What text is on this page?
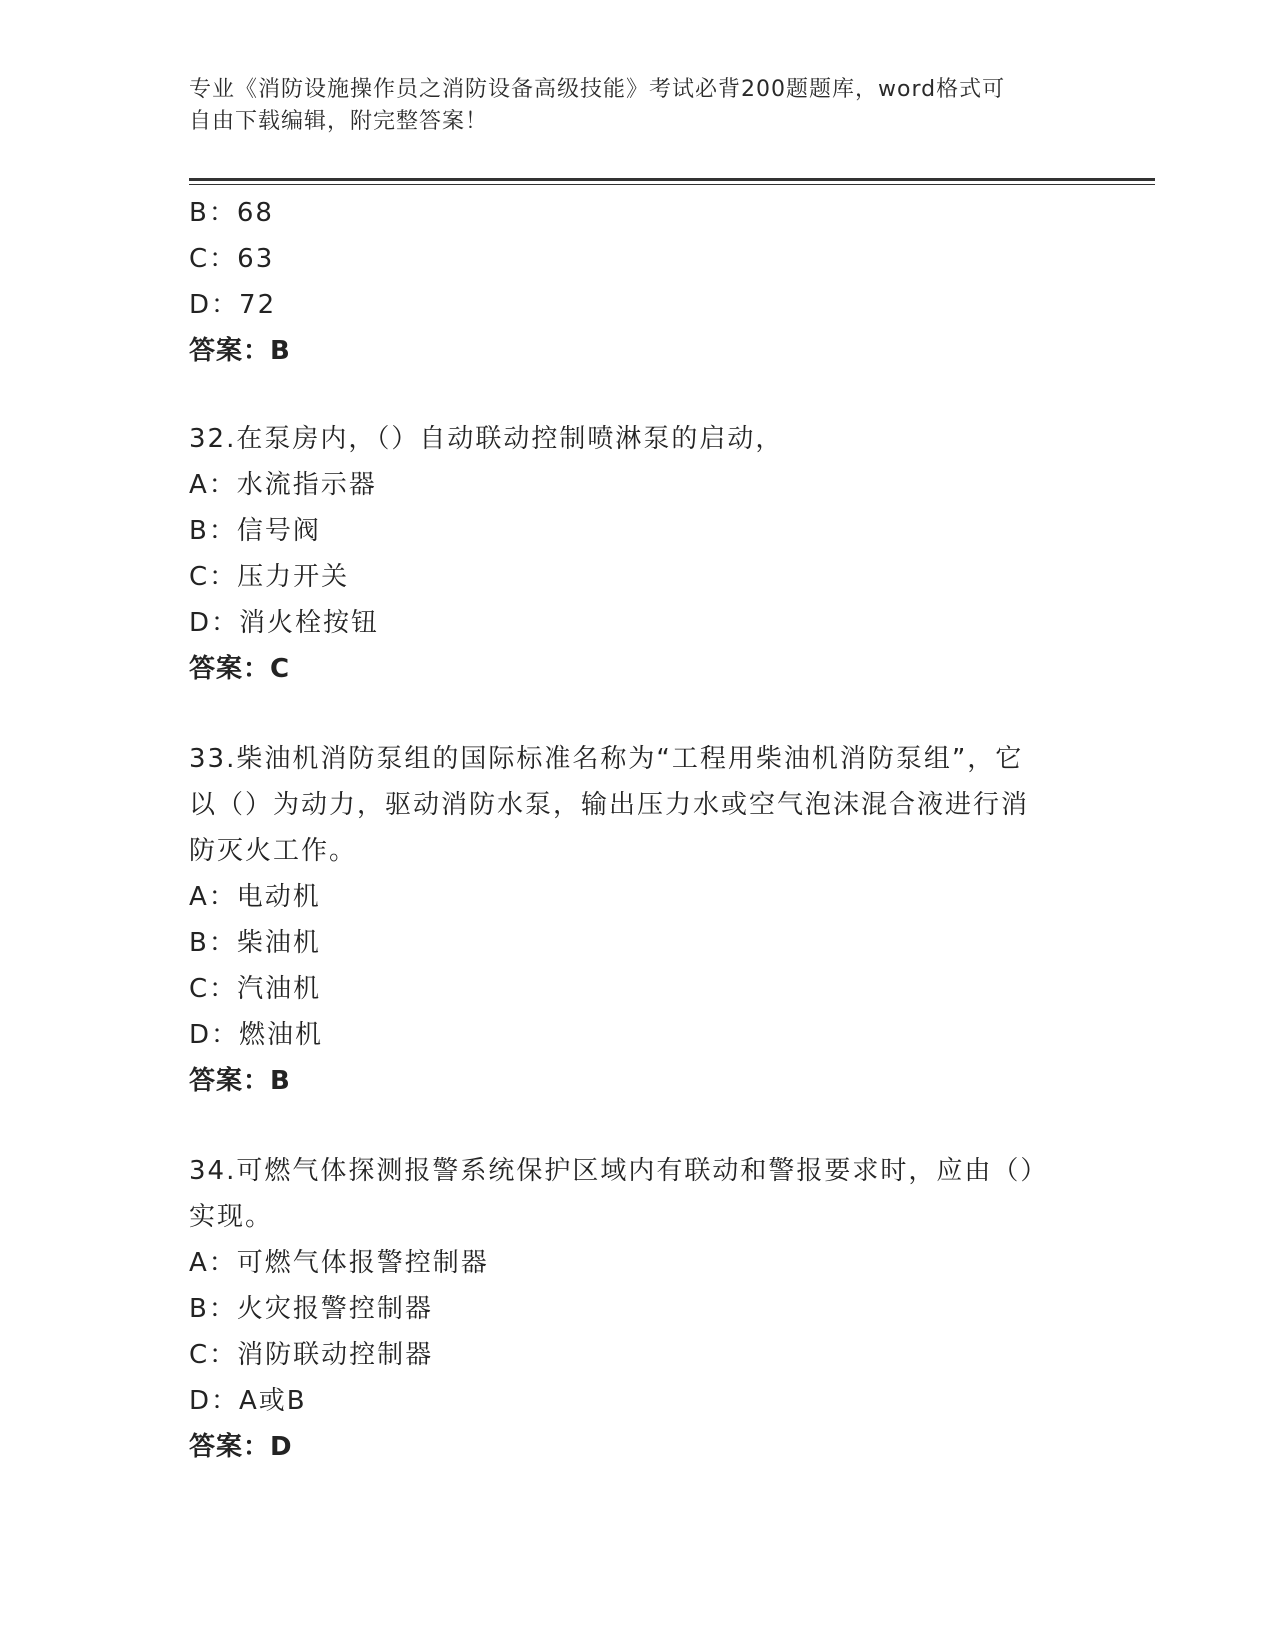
专业《消防设施操作员之消防设备高级技能》考试必背200题题库，word格式可
自由下载编辑，附完整答案！
B：68
C：63
D：72
答案：B
32.在泵房内，（）自动联动控制喷淋泵的启动，
A：水流指示器
B：信号阀
C：压力开关
D：消火栓按钮
答案：C
33.柴油机消防泵组的国际标准名称为“工程用柴油机消防泵组”，它
以（）为动力，驱动消防水泵，输出压力水或空气泡沫混合液进行消
防灭火工作。
A：电动机
B：柴油机
C：汽油机
D：燃油机
答案：B
34.可燃气体探测报警系统保护区域内有联动和警报要求时，应由（）
实现。
A：可燃气体报警控制器
B：火灾报警控制器
C：消防联动控制器
D：A或B
答案：D
